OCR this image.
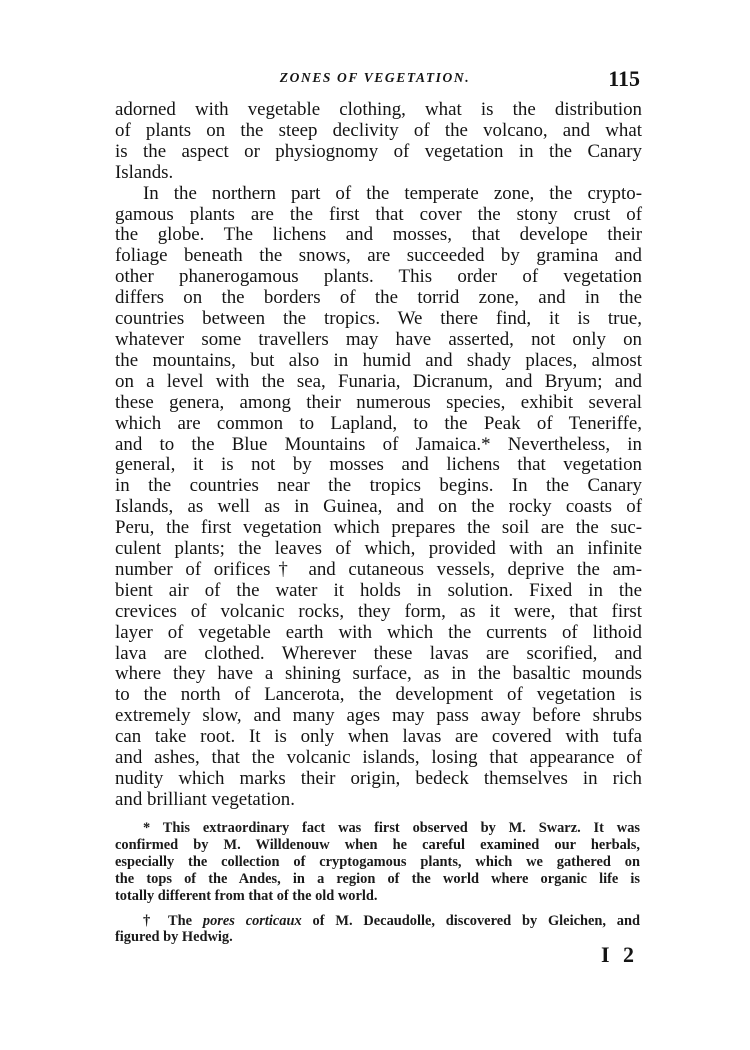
ZONES OF VEGETATION.	115
adorned with vegetable clothing, what is the distribution
of plants on the steep declivity of the volcano, and what
is the aspect or physiognomy of vegetation in the Canary
Islands.
In the northern part of the temperate zone, the crypto-
gamous plants are the first that cover the stony crust of
the globe. The lichens and mosses, that develope their
foliage beneath the snows, are succeeded by gramina and
other phanerogamous plants. This order of vegetation
differs on the borders of the torrid zone, and in the
countries between the tropics. We there find, it is true,
whatever some travellers may have asserted, not only on
the mountains, but also in humid and shady places, almost
on a level with the sea, Funaria, Dicranum, and Bryum; and
these genera, among their numerous species, exhibit several
which are common to Lapland, to the Peak of Teneriffe,
and to the Blue Mountains of Jamaica.* Nevertheless, in
general, it is not by mosses and lichens that vegetation
in the countries near the tropics begins. In the Canary
Islands, as well as in Guinea, and on the rocky coasts of
Peru, the first vegetation which prepares the soil are the suc-
culent plants; the leaves of which, provided with an infinite
number of orifices† and cutaneous vessels, deprive the am-
bient air of the water it holds in solution. Fixed in the
crevices of volcanic rocks, they form, as it were, that first
layer of vegetable earth with which the currents of lithoid
lava are clothed. Wherever these lavas are scorified, and
where they have a shining surface, as in the basaltic mounds
to the north of Lancerota, the development of vegetation is
extremely slow, and many ages may pass away before shrubs
can take root. It is only when lavas are covered with tufa
and ashes, that the volcanic islands, losing that appearance of
nudity which marks their origin, bedeck themselves in rich
and brilliant vegetation.
* This extraordinary fact was first observed by M. Swarz. It was
confirmed by M. Willdenouw when he careful examined our herbals,
especially the collection of cryptogamous plants, which we gathered on
the tops of the Andes, in a region of the world where organic life is
totally different from that of the old world.
† The pores corticaux of M. Decaudolle, discovered by Gleichen, and
figured by Hedwig.
I 2
